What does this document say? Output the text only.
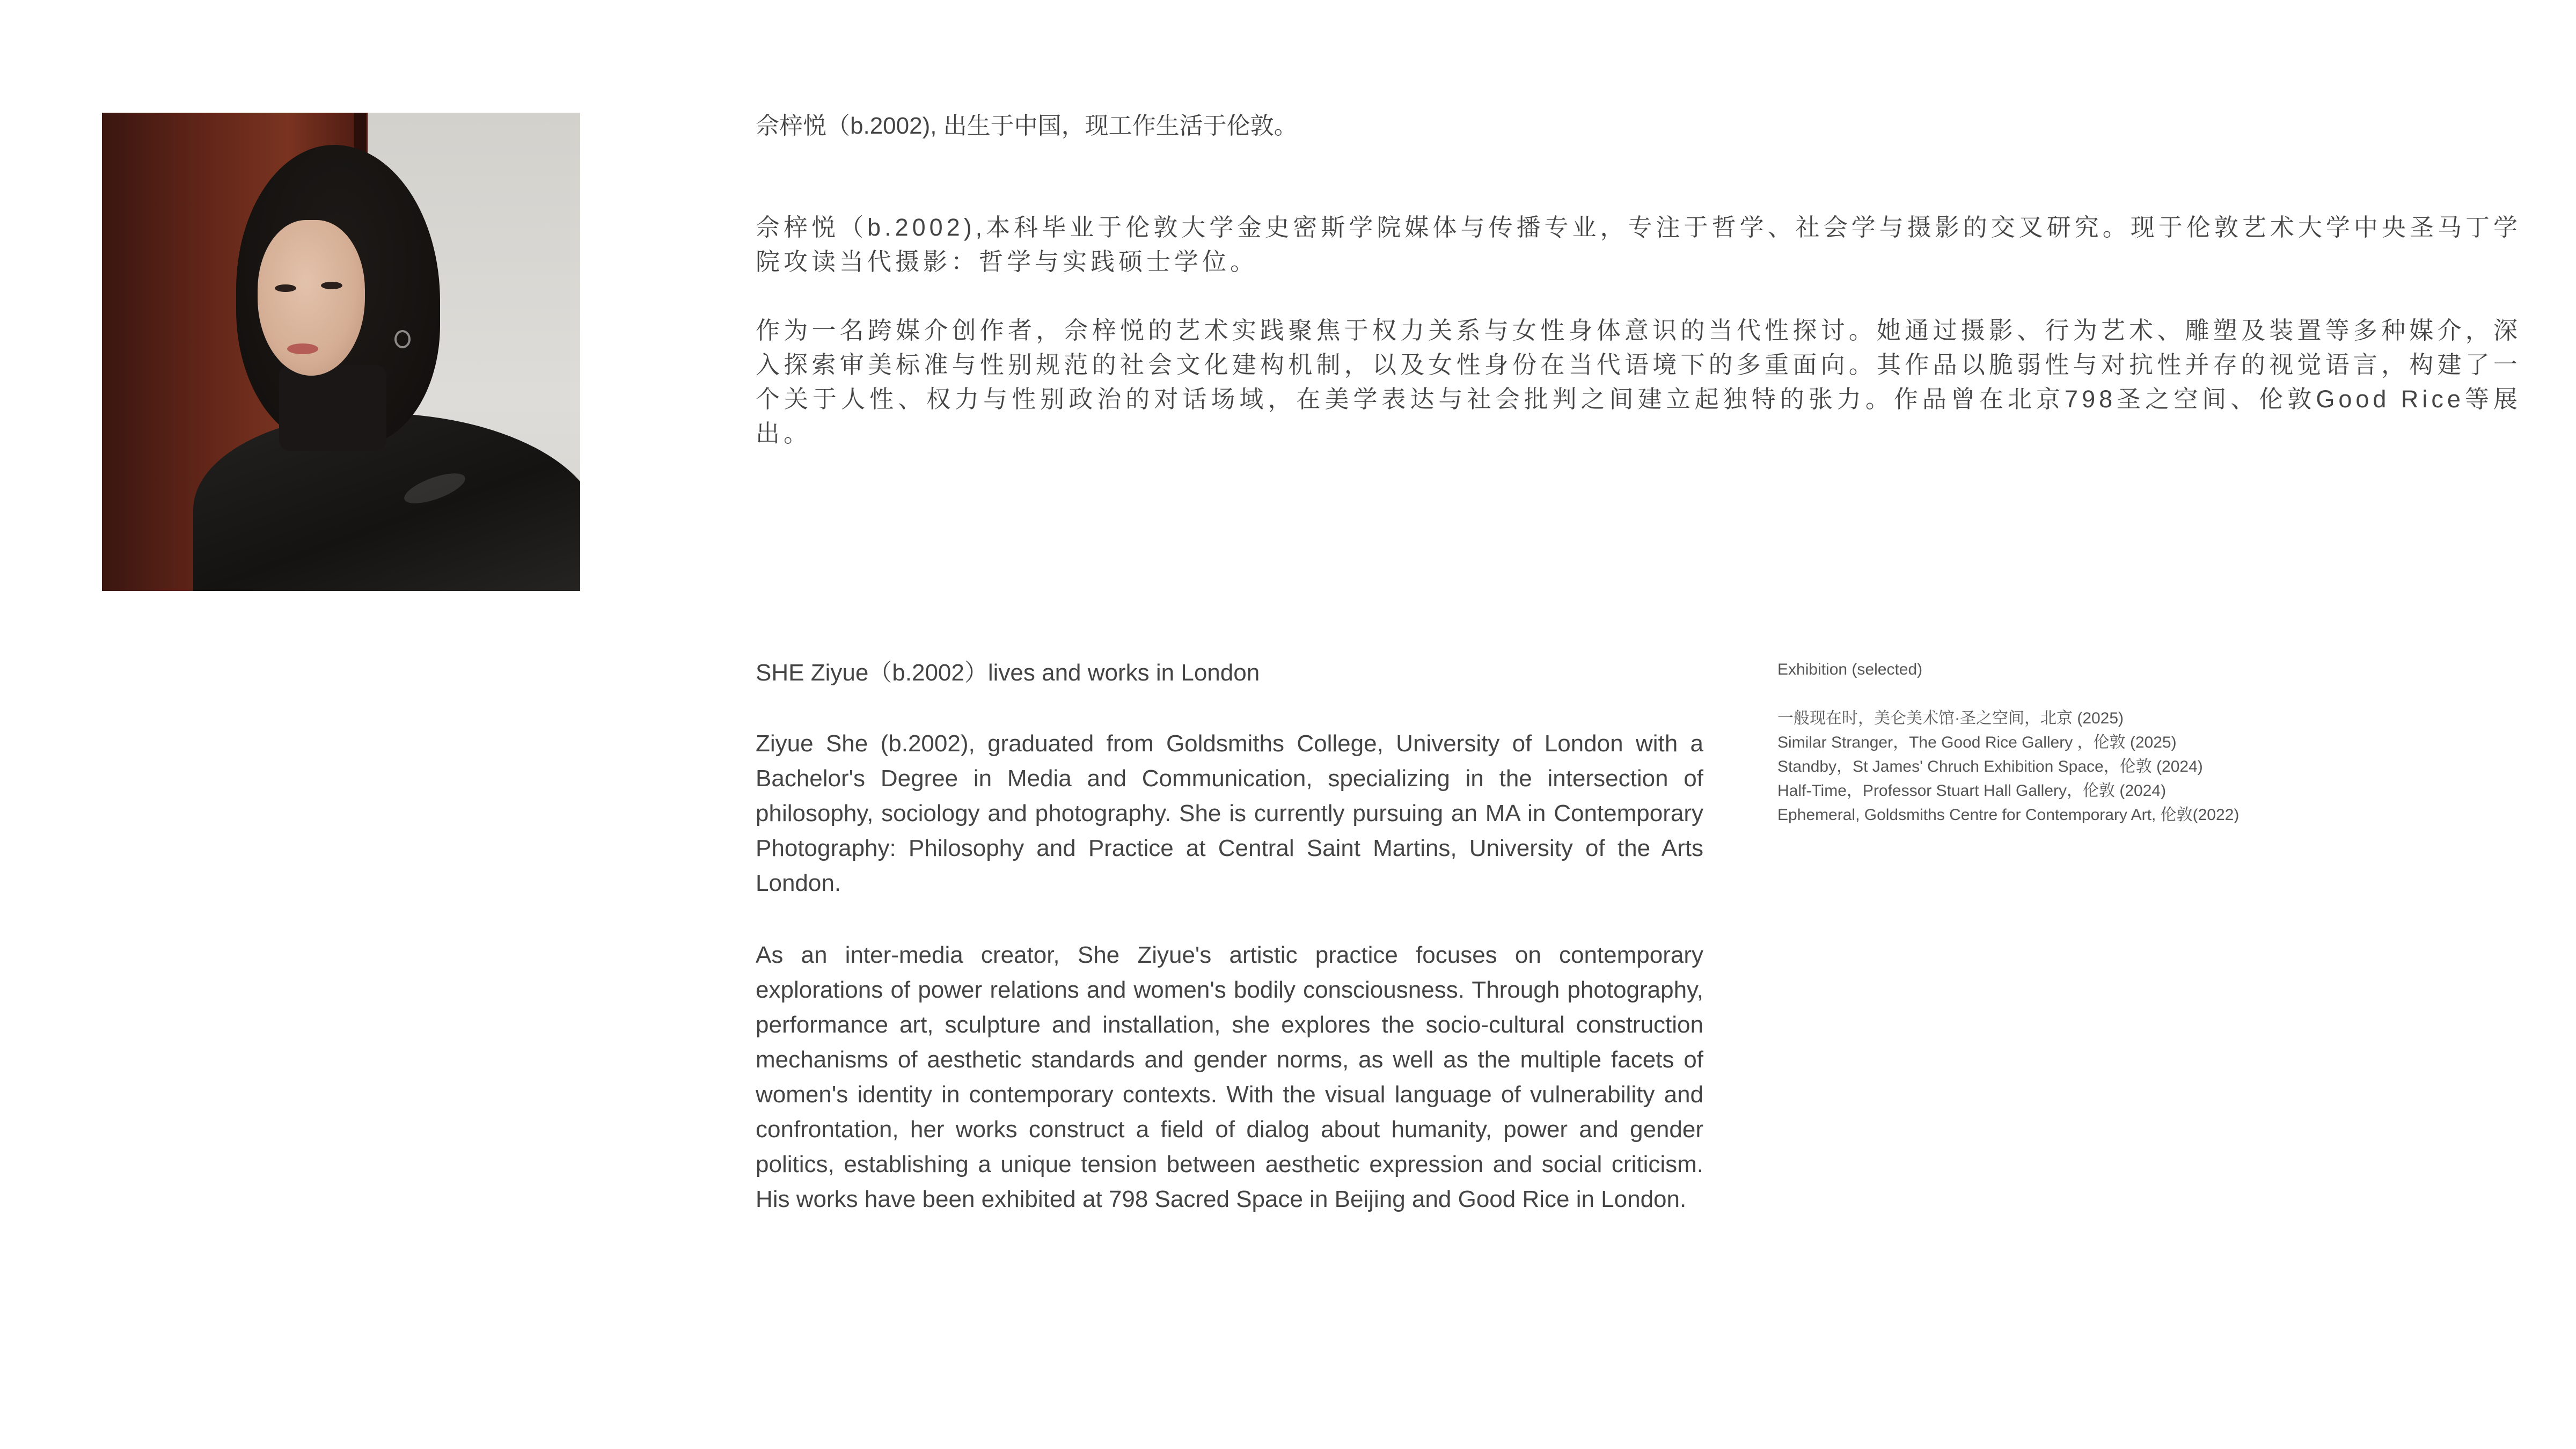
佘梓悦（b.2002), 出生于中国，现工作生活于伦敦。

佘梓悦（b.2002),本科毕业于伦敦大学金史密斯学院媒体与传播专业，专注于哲学、社会学与摄影的交叉研究。现于伦敦艺术大学中央圣马丁学院攻读当代摄影：哲学与实践硕士学位。

作为一名跨媒介创作者，佘梓悦的艺术实践聚焦于权力关系与女性身体意识的当代性探讨。她通过摄影、行为艺术、雕塑及装置等多种媒介，深入探索审美标准与性别规范的社会文化建构机制，以及女性身份在当代语境下的多重面向。其作品以脆弱性与对抗性并存的视觉语言，构建了一个关于人性、权力与性别政治的对话场域，在美学表达与社会批判之间建立起独特的张力。作品曾在北京798圣之空间、伦敦Good Rice等展出。

SHE Ziyue（b.2002）lives and works in London
Ziyue She (b.2002), graduated from Goldsmiths College, University of London with a Bachelor's Degree in Media and Communication, specializing in the intersection of philosophy, sociology and photography. She is currently pursuing an MA in Contemporary Photography: Philosophy and Practice at Central Saint Martins, University of the Arts London.
As an inter-media creator, She Ziyue's artistic practice focuses on contemporary explorations of power relations and women's bodily consciousness. Through photography, performance art, sculpture and installation, she explores the socio-cultural construction mechanisms of aesthetic standards and gender norms, as well as the multiple facets of women's identity in contemporary contexts. With the visual language of vulnerability and confrontation, her works construct a field of dialog about humanity, power and gender politics, establishing a unique tension between aesthetic expression and social criticism. His works have been exhibited at 798 Sacred Space in Beijing and Good Rice in London.
Exhibition (selected)
一般现在时，美仑美术馆·圣之空间，北京 (2025)
Similar Stranger，The Good Rice Gallery ，伦敦 (2025)
Standby，St James' Chruch Exhibition Space，伦敦 (2024)
Half-Time，Professor Stuart Hall Gallery，伦敦 (2024)
Ephemeral, Goldsmiths Centre for Contemporary Art, 伦敦(2022)
